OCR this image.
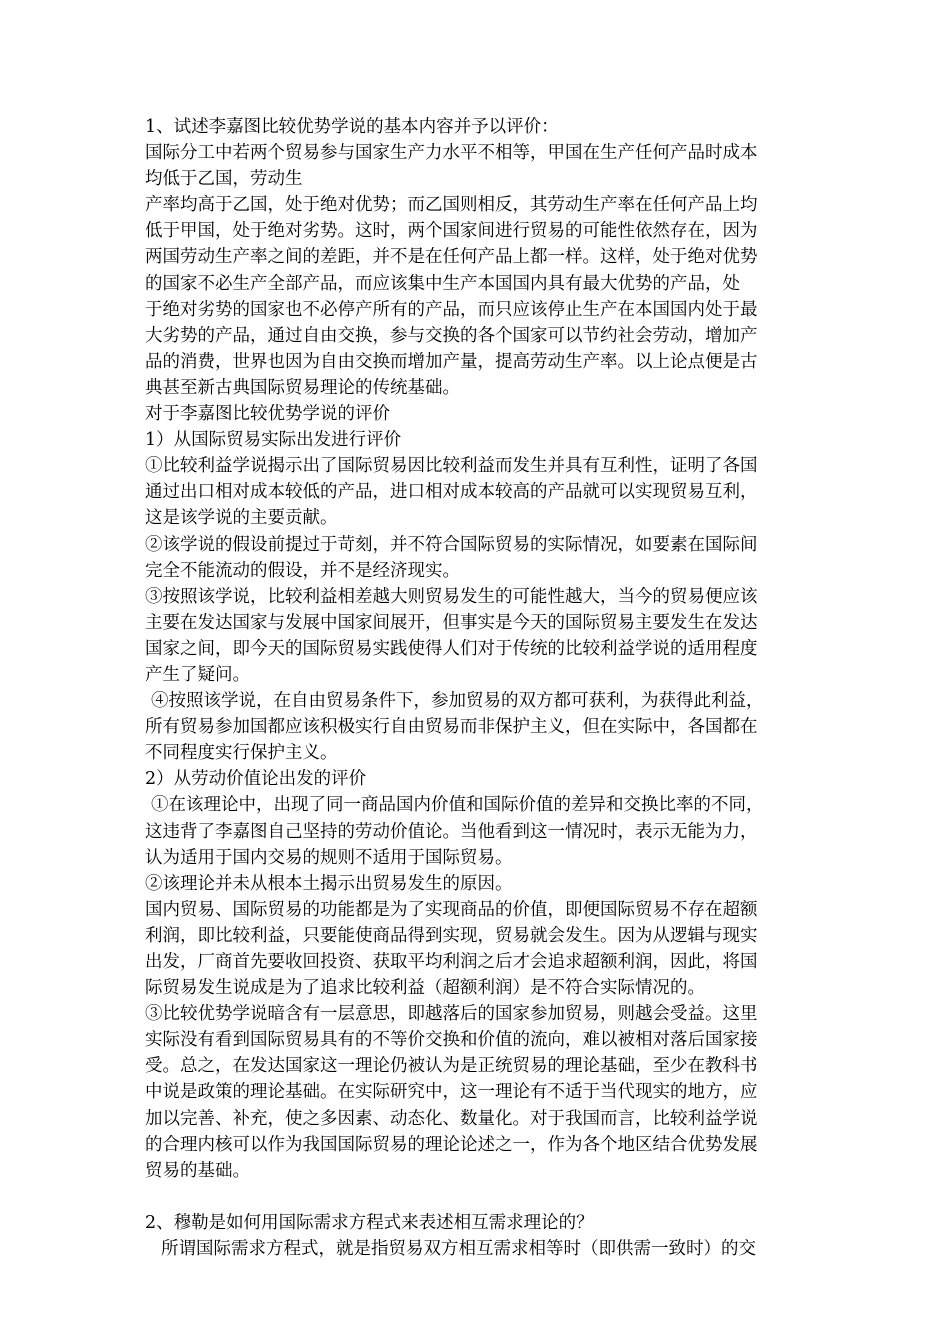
1、试述李嘉图比较优势学说的基本内容并予以评价：

国际分工中若两个贸易参与国家生产力水平不相等，甲国在生产任何产品时成本

均低于乙国，劳动生

产率均高于乙国，处于绝对优势；而乙国则相反，其劳动生产率在任何产品上均

低于甲国，处于绝对劣势。这时，两个国家间进行贸易的可能性依然存在，因为

两国劳动生产率之间的差距，并不是在任何产品上都一样。这样，处于绝对优势

的国家不必生产全部产品，而应该集中生产本国国内具有最大优势的产品，处

于绝对劣势的国家也不必停产所有的产品，而只应该停止生产在本国国内处于最

大劣势的产品，通过自由交换，参与交换的各个国家可以节约社会劳动，增加产

品的消费，世界也因为自由交换而增加产量，提高劳动生产率。以上论点便是古

典甚至新古典国际贸易理论的传统基础。

对于李嘉图比较优势学说的评价

1）从国际贸易实际出发进行评价

①比较利益学说揭示出了国际贸易因比较利益而发生并具有互利性，证明了各国

通过出口相对成本较低的产品，进口相对成本较高的产品就可以实现贸易互利，

这是该学说的主要贡献。

②该学说的假设前提过于苛刻，并不符合国际贸易的实际情况，如要素在国际间

完全不能流动的假设，并不是经济现实。

③按照该学说，比较利益相差越大则贸易发生的可能性越大，当今的贸易便应该

主要在发达国家与发展中国家间展开，但事实是今天的国际贸易主要发生在发达

国家之间，即今天的国际贸易实践使得人们对于传统的比较利益学说的适用程度

产生了疑问。

④按照该学说，在自由贸易条件下，参加贸易的双方都可获利，为获得此利益，

所有贸易参加国都应该积极实行自由贸易而非保护主义，但在实际中，各国都在

不同程度实行保护主义。

2）从劳动价值论出发的评价

①在该理论中，出现了同一商品国内价值和国际价值的差异和交换比率的不同，

这违背了李嘉图自己坚持的劳动价值论。当他看到这一情况时，表示无能为力，

认为适用于国内交易的规则不适用于国际贸易。

②该理论并未从根本土揭示出贸易发生的原因。

国内贸易、国际贸易的功能都是为了实现商品的价值，即便国际贸易不存在超额

利润，即比较利益，只要能使商品得到实现，贸易就会发生。因为从逻辑与现实

出发，厂商首先要收回投资、获取平均利润之后才会追求超额利润，因此，将国

际贸易发生说成是为了追求比较利益（超额利润）是不符合实际情况的。

③比较优势学说暗含有一层意思，即越落后的国家参加贸易，则越会受益。这里

实际没有看到国际贸易具有的不等价交换和价值的流向，难以被相对落后国家接

受。总之，在发达国家这一理论仍被认为是正统贸易的理论基础，至少在教科书

中说是政策的理论基础。在实际研究中，这一理论有不适于当代现实的地方，应

加以完善、补充，使之多因素、动态化、数量化。对于我国而言，比较利益学说

的合理内核可以作为我国国际贸易的理论论述之一，作为各个地区结合优势发展

贸易的基础。

2、穆勒是如何用国际需求方程式来表述相互需求理论的？

所谓国际需求方程式，就是指贸易双方相互需求相等时（即供需一致时）的交
